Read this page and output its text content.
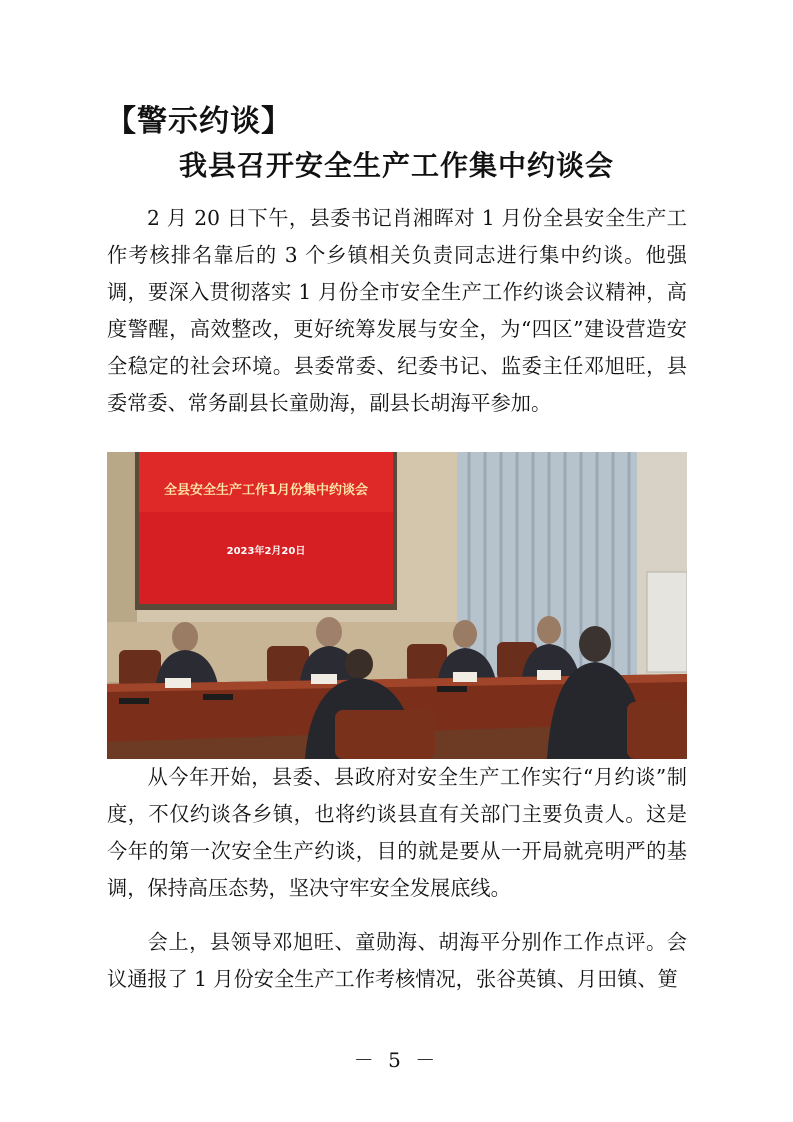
【警示约谈】
我县召开安全生产工作集中约谈会

2 月 20 日下午，县委书记肖湘晖对 1 月份全县安全生产工作考核排名靠后的 3 个乡镇相关负责同志进行集中约谈。他强调，要深入贯彻落实 1 月份全市安全生产工作约谈会议精神，高度警醒，高效整改，更好统筹发展与安全，为“四区”建设营造安全稳定的社会环境。县委常委、纪委书记、监委主任邓旭旺，县委常委、常务副县长童勋海，副县长胡海平参加。

全县安全生产工作1月份集中约谈会
2023年2月20日

从今年开始，县委、县政府对安全生产工作实行“月约谈”制度，不仅约谈各乡镇，也将约谈县直有关部门主要负责人。这是今年的第一次安全生产约谈，目的就是要从一开局就亮明严的基调，保持高压态势，坚决守牢安全发展底线。

会上，县领导邓旭旺、童勋海、胡海平分别作工作点评。会议通报了 1 月份安全生产工作考核情况，张谷英镇、月田镇、筻

－ 5 －
